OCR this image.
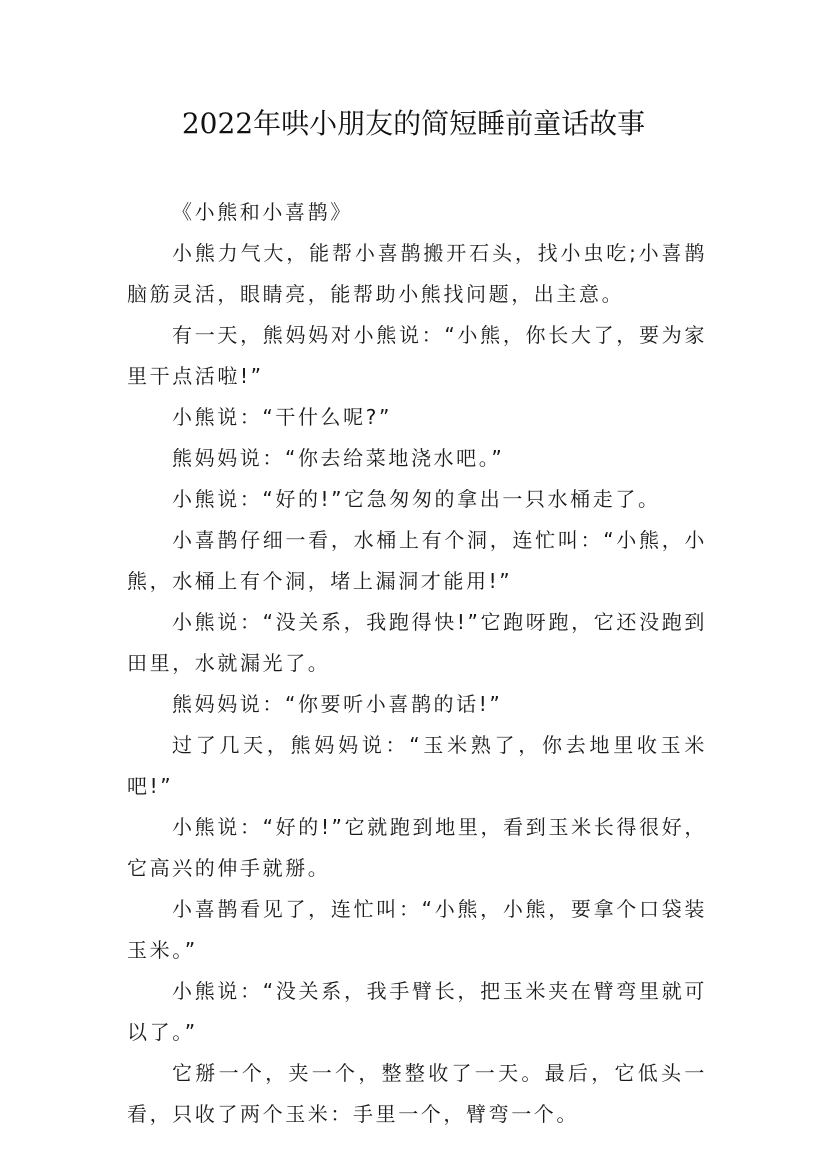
2022年哄小朋友的简短睡前童话故事

《小熊和小喜鹊》

小熊力气大，能帮小喜鹊搬开石头，找小虫吃;小喜鹊脑筋灵活，眼睛亮，能帮助小熊找问题，出主意。

有一天，熊妈妈对小熊说：“小熊，你长大了，要为家里干点活啦!”

小熊说：“干什么呢?”

熊妈妈说：“你去给菜地浇水吧。”

小熊说：“好的!”它急匆匆的拿出一只水桶走了。

小喜鹊仔细一看，水桶上有个洞，连忙叫：“小熊，小熊，水桶上有个洞，堵上漏洞才能用!”

小熊说：“没关系，我跑得快!”它跑呀跑，它还没跑到田里，水就漏光了。

熊妈妈说：“你要听小喜鹊的话!”

过了几天，熊妈妈说：“玉米熟了，你去地里收玉米吧!”

小熊说：“好的!”它就跑到地里，看到玉米长得很好，它高兴的伸手就掰。

小喜鹊看见了，连忙叫：“小熊，小熊，要拿个口袋装玉米。”

小熊说：“没关系，我手臂长，把玉米夹在臂弯里就可以了。”

它掰一个，夹一个，整整收了一天。最后，它低头一看，只收了两个玉米：手里一个，臂弯一个。
